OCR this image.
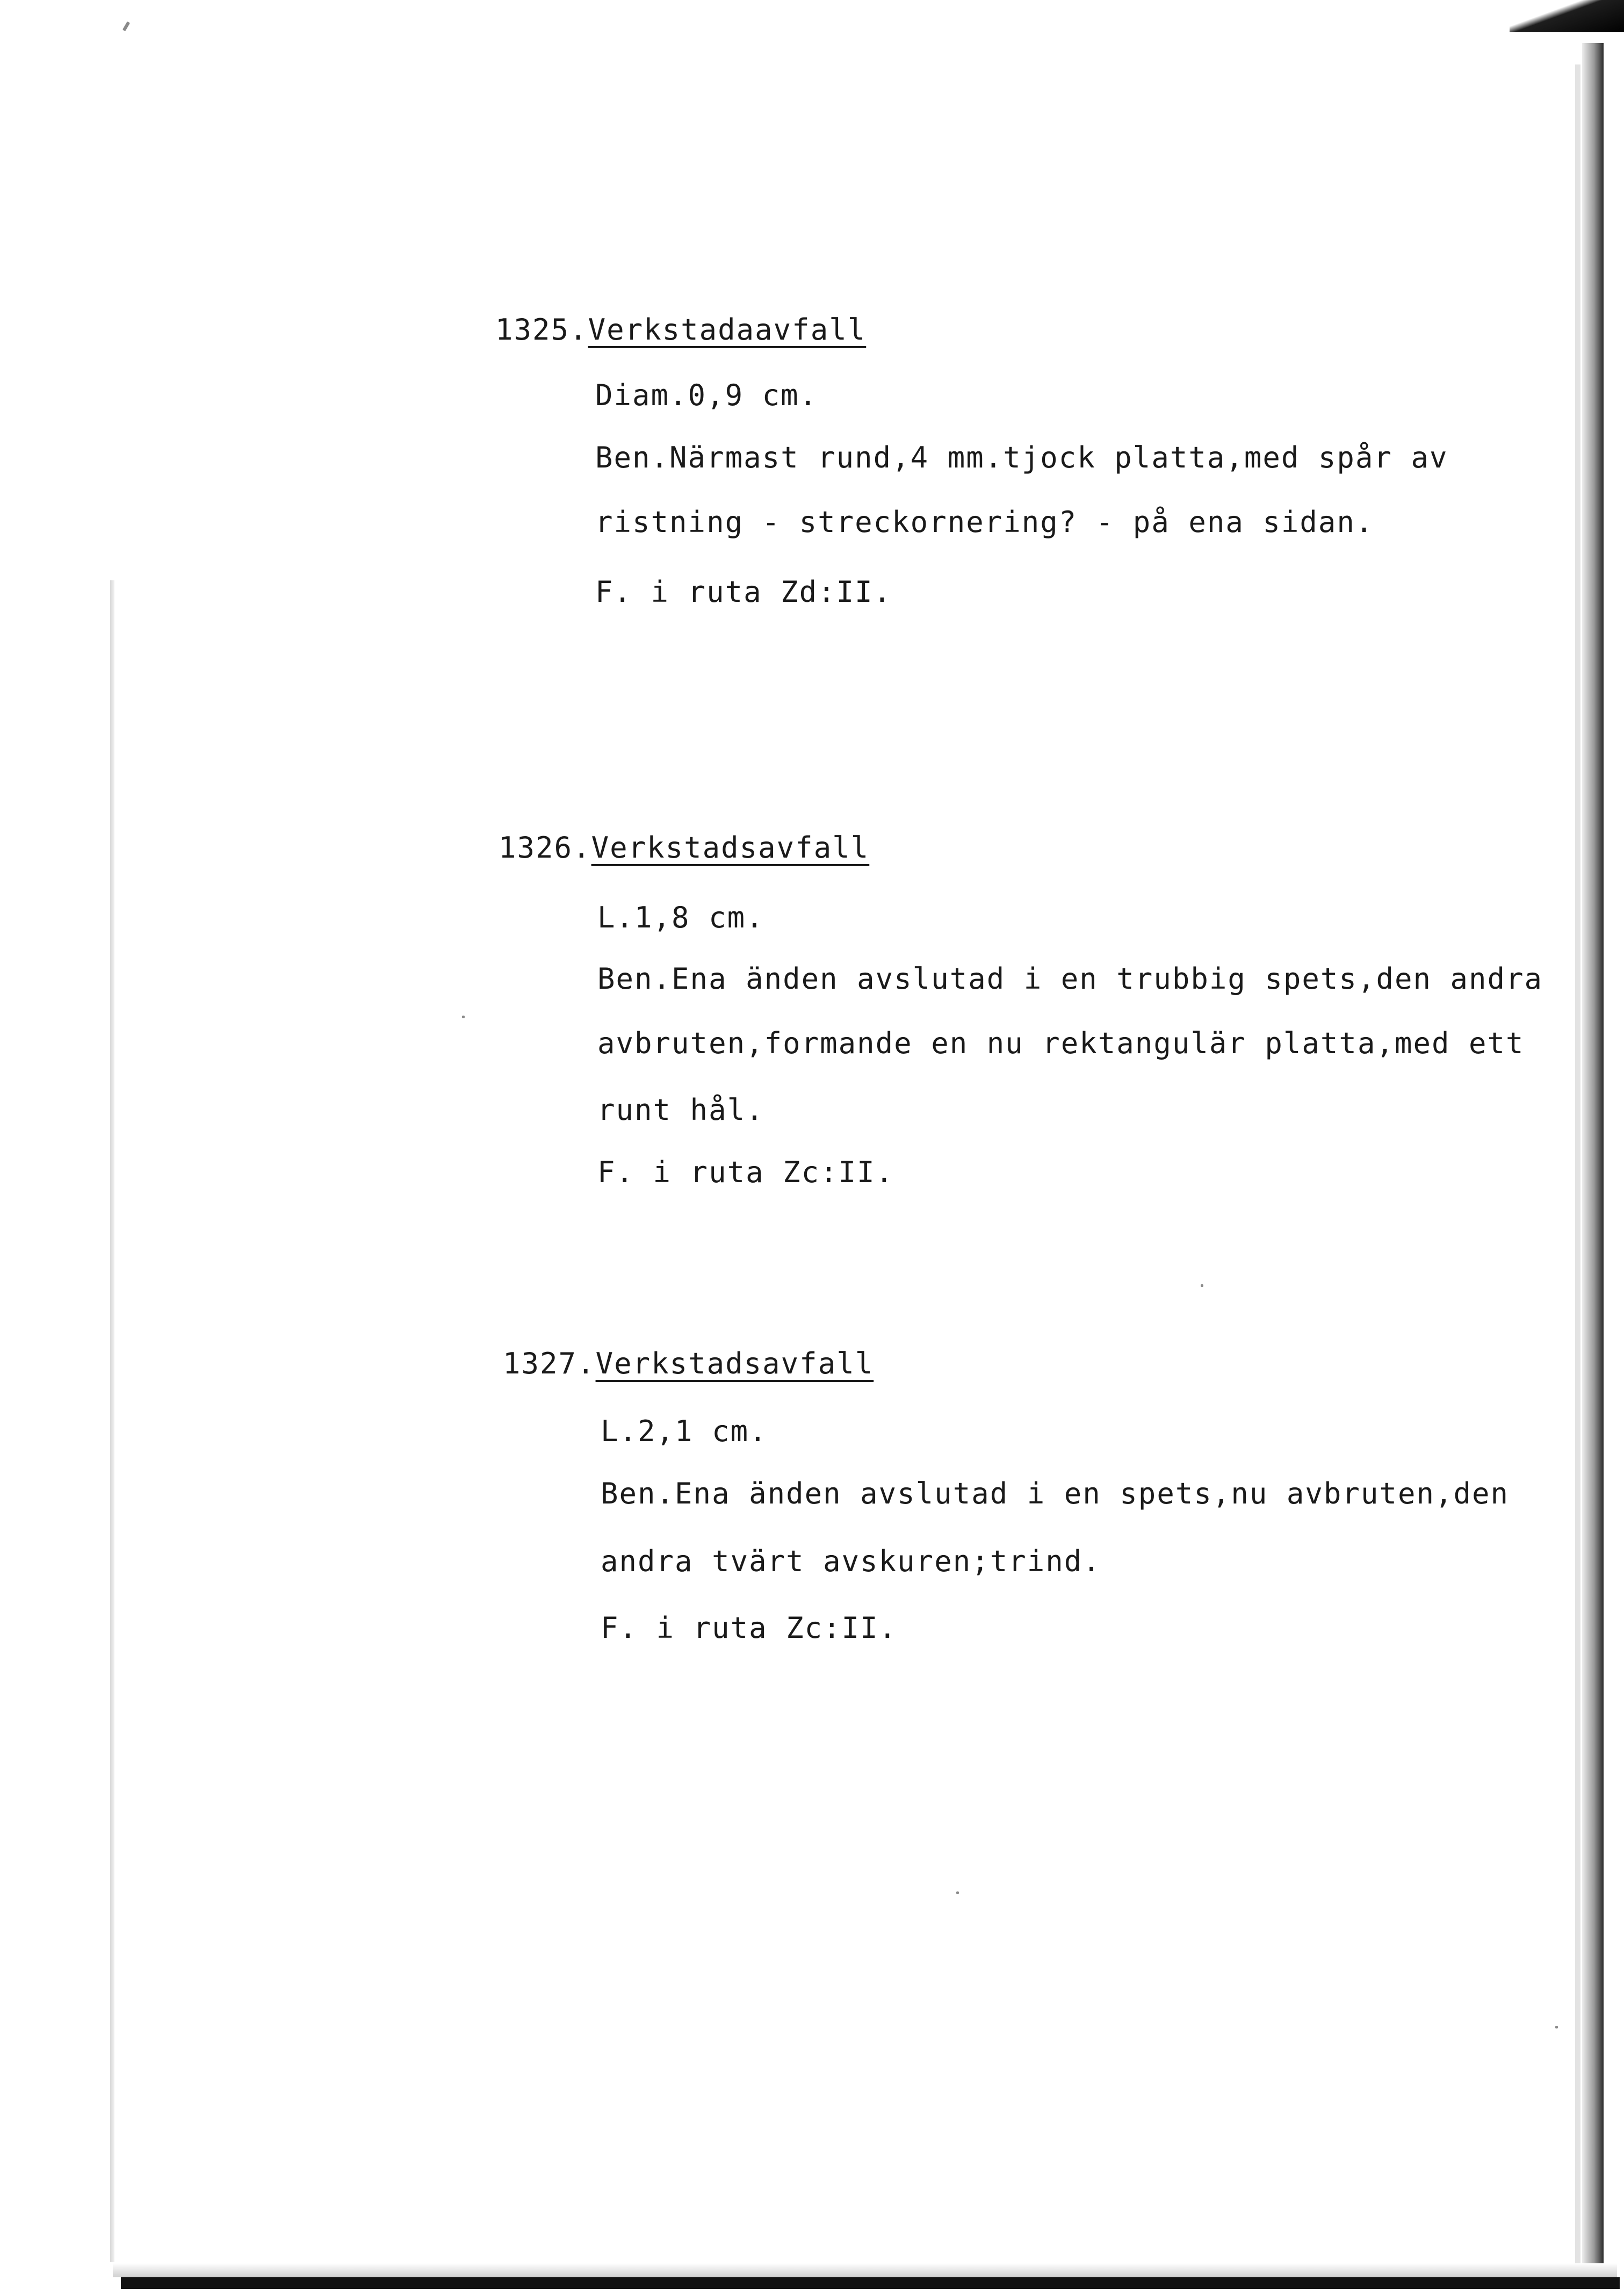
1325.Verkstadaavfall
Diam.0,9 cm.
Ben.Närmast rund,4 mm.tjock platta,med spår av
ristning - streckornering? - på ena sidan.
F. i ruta Zd:II.
1326.Verkstadsavfall
L.1,8 cm.
Ben.Ena änden avslutad i en trubbig spets,den andra
avbruten,formande en nu rektangulär platta,med ett
runt hål.
F. i ruta Zc:II.
1327.Verkstadsavfall
L.2,1 cm.
Ben.Ena änden avslutad i en spets,nu avbruten,den
andra tvärt avskuren;trind.
F. i ruta Zc:II.
